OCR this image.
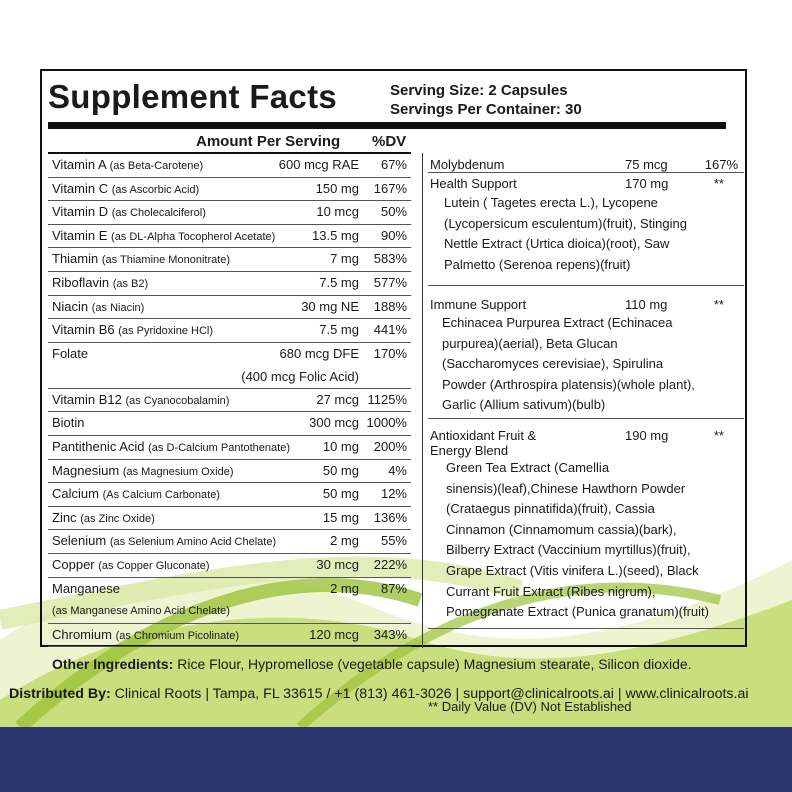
Supplement Facts	Serving Size: 2 Capsules
Servings Per Container: 30
Amount Per Serving %DV
Vitamin A (as Beta-Carotene)	600 mcg RAE 67%
Vitamin C (as Ascorbic Acid)	150 mg 167%
Vitamin D (as Cholecalciferol)	10 mcg 50%
Vitamin E (as DL-Alpha Tocopherol Acetate)	13.5 mg 90%
Thiamin (as Thiamine Mononitrate)	7 mg 583%
Riboflavin (as B2)	7.5 mg 577%
Niacin (as Niacin)	30 mg NE 188%
Vitamin B6 (as Pyridoxine HCl)	7.5 mg 441%
Folate	680 mcg DFE 170%
(400 mcg Folic Acid)
Vitamin B12 (as Cyanocobalamin)	27 mcg 1125%
Biotin	300 mcg 1000%
Pantithenic Acid (as D-Calcium Pantothenate)	10 mg 200%
Magnesium (as Magnesium Oxide)	50 mg 4%
Calcium (As Calcium Carbonate)	50 mg 12%
Zinc (as Zinc Oxide)	15 mg 136%
Selenium (as Selenium Amino Acid Chelate)	2 mg 55%
Copper (as Copper Gluconate)	30 mcg 222%
Manganese	2 mg 87%
(as Manganese Amino Acid Chelate)
Chromium (as Chromium Picolinate)	120 mcg 343%
Molybdenum	75 mcg	167%
Health Support	170 mg	**
Lutein ( Tagetes erecta L.), Lycopene
(Lycopersicum esculentum)(fruit), Stinging
Nettle Extract (Urtica dioica)(root), Saw
Palmetto (Serenoa repens)(fruit)
Immune Support	110 mg	**
Echinacea Purpurea Extract (Echinacea
purpurea)(aerial), Beta Glucan
(Saccharomyces cerevisiae), Spirulina
Powder (Arthrospira platensis)(whole plant),
Garlic (Allium sativum)(bulb)
Antioxidant Fruit &
Energy Blend
190 mg	**
Green Tea Extract (Camellia
sinensis)(leaf),Chinese Hawthorn Powder
(Crataegus pinnatifida)(fruit), Cassia
Cinnamon (Cinnamomum cassia)(bark),
Bilberry Extract (Vaccinium myrtillus)(fruit),
Grape Extract (Vitis vinifera L.)(seed), Black
Currant Fruit Extract (Ribes nigrum),
Pomegranate Extract (Punica granatum)(fruit)
** Daily Value (DV) Not Established
Other Ingredients: Rice Flour, Hypromellose (vegetable capsule) Magnesium stearate, Silicon dioxide.
Distributed By: Clinical Roots | Tampa, FL 33615 / +1 (813) 461-3026 | support@clinicalroots.ai | www.clinicalroots.ai
